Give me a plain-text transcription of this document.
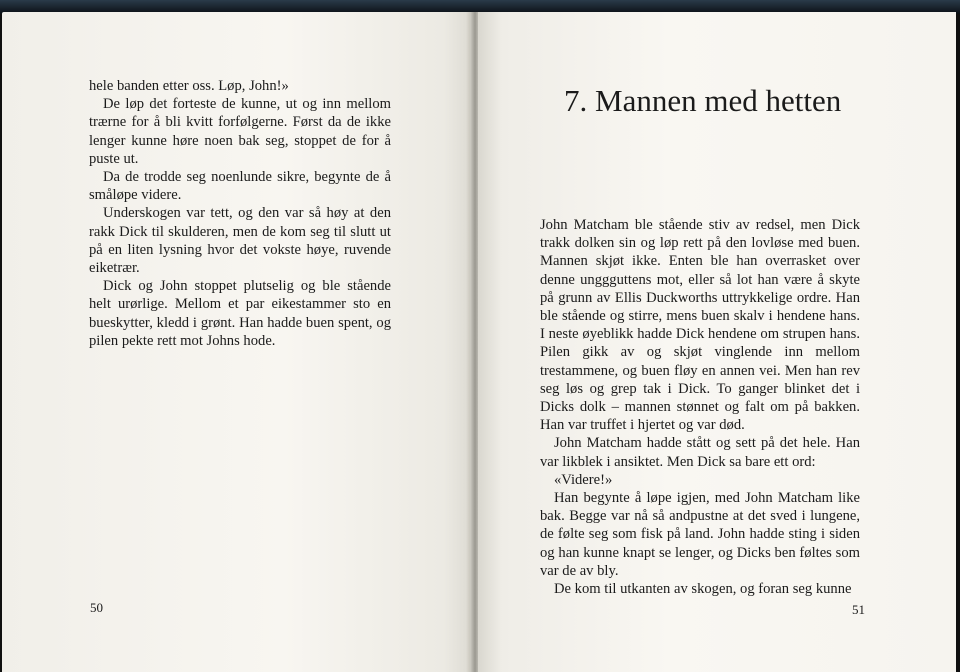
hele banden etter oss. Løp, John!»

De løp det forteste de kunne, ut og inn mellom trærne for å bli kvitt forfølgerne. Først da de ikke lenger kunne høre noen bak seg, stoppet de for å puste ut.

Da de trodde seg noenlunde sikre, begynte de å småløpe videre.

Underskogen var tett, og den var så høy at den rakk Dick til skulderen, men de kom seg til slutt ut på en liten lysning hvor det vokste høye, ruvende eiketrær.

Dick og John stoppet plutselig og ble stående helt urørlige. Mellom et par eikestammer sto en bueskytter, kledd i grønt. Han hadde buen spent, og pilen pekte rett mot Johns hode.

50
7. Mannen med hetten

John Matcham ble stående stiv av redsel, men Dick trakk dolken sin og løp rett på den lovløse med buen. Mannen skjøt ikke. Enten ble han overrasket over denne unggguttens mot, eller så lot han være å skyte på grunn av Ellis Duckworths uttrykkelige ordre. Han ble stående og stirre, mens buen skalv i hendene hans. I neste øyeblikk hadde Dick hendene om strupen hans. Pilen gikk av og skjøt vinglende inn mellom trestammene, og buen fløy en annen vei. Men han rev seg løs og grep tak i Dick. To ganger blinket det i Dicks dolk – mannen stønnet og falt om på bakken. Han var truffet i hjertet og var død.

John Matcham hadde stått og sett på det hele. Han var likblek i ansiktet. Men Dick sa bare ett ord:

«Videre!»

Han begynte å løpe igjen, med John Matcham like bak. Begge var nå så andpustne at det sved i lungene, de følte seg som fisk på land. John hadde sting i siden og han kunne knapt se lenger, og Dicks ben føltes som var de av bly.

De kom til utkanten av skogen, og foran seg kunne

51
